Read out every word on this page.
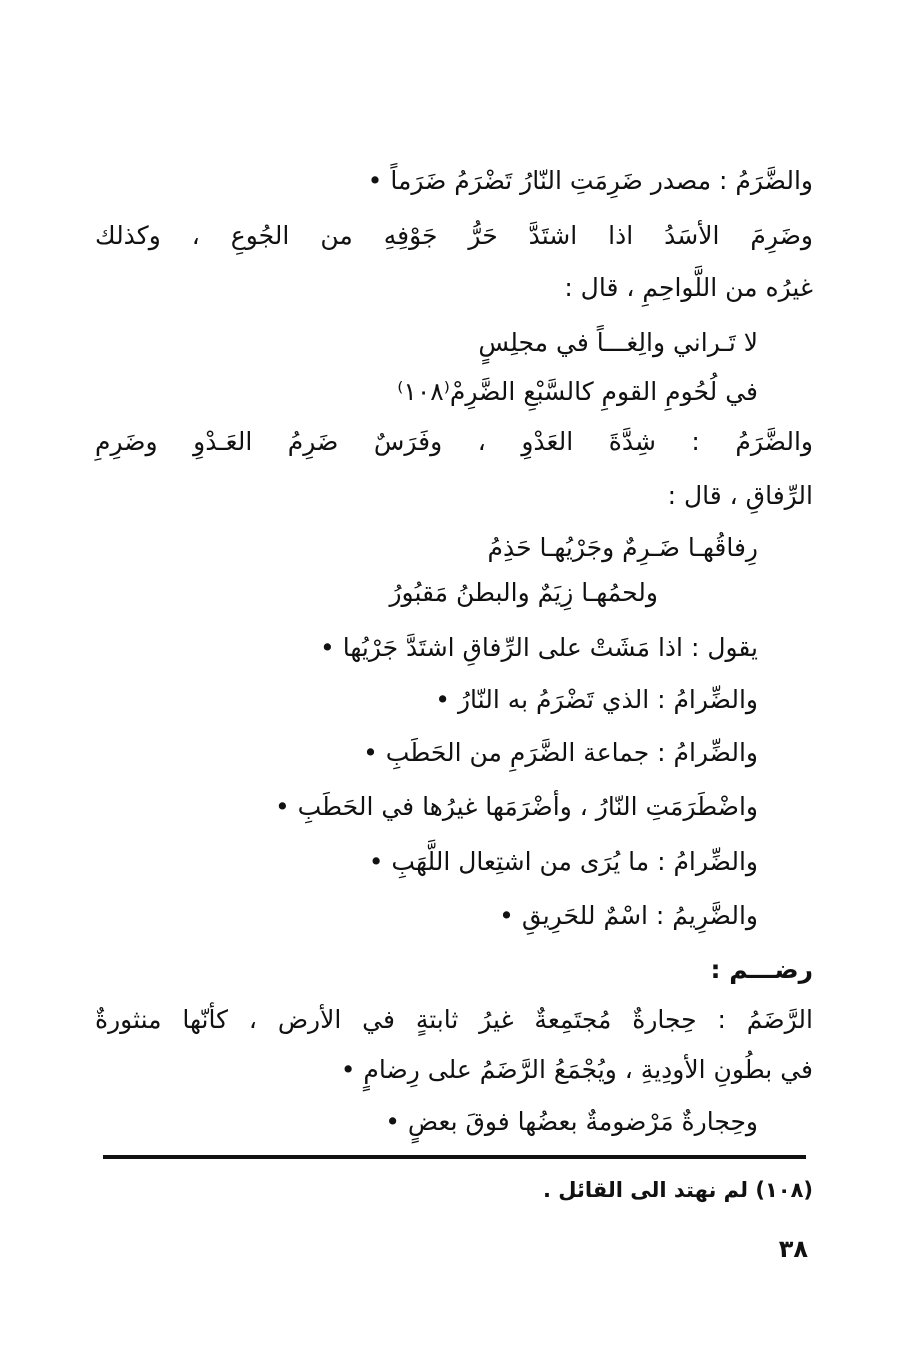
والضَّرَمُ : مصدر ضَرِمَتِ النّارُ تَضْرَمُ ضَرَماً •
وضَرِمَ الأسَدُ اذا اشتَدَّ حَرُّ جَوْفِهِ من الجُوعِ ، وكذلك
غيرُه من اللَّواحِمِ ، قال :
لا تَـراني والِغـــاً في مجلِسٍ
في لُحُومِ القومِ كالسَّبْعِ الضَّرِمْ⁽١٠٨⁾
والضَّرَمُ : شِدَّةَ العَدْوِ ، وفَرَسٌ ضَرِمُ العَـدْوِ وضَرِمِ
الرِّفاقِ ، قال :
رِفاقُهـا ضَـرِمٌ وجَرْيُهـا حَذِمُ
ولحمُهـا زِيَمٌ والبطنُ مَقبُورُ
يقول : اذا مَشَتْ على الرِّفاقِ اشتَدَّ جَرْيُها •
والضِّرامُ : الذي تَضْرَمُ به النّارُ •
والضِّرامُ : جماعة الضَّرَمِ من الحَطَبِ •
واضْطَرَمَتِ النّارُ ، وأضْرَمَها غيرُها في الحَطَبِ •
والضِّرامُ : ما يُرَى من اشتِعال اللَّهَبِ •
والضَّرِيمُ : اسْمٌ للحَرِيقِ •
رضـــم :
الرَّضَمُ : حِجارةٌ مُجتَمِعةٌ غيرُ ثابتةٍ في الأرض ، كأنّها منثورةٌ
في بطُونِ الأودِيةِ ، ويُجْمَعُ الرَّضَمُ على رِضامٍ •
وحِجارةٌ مَرْضومةٌ بعضُها فوقَ بعضٍ •
(١٠٨) لم نهتد الى القائل .
٣٨
